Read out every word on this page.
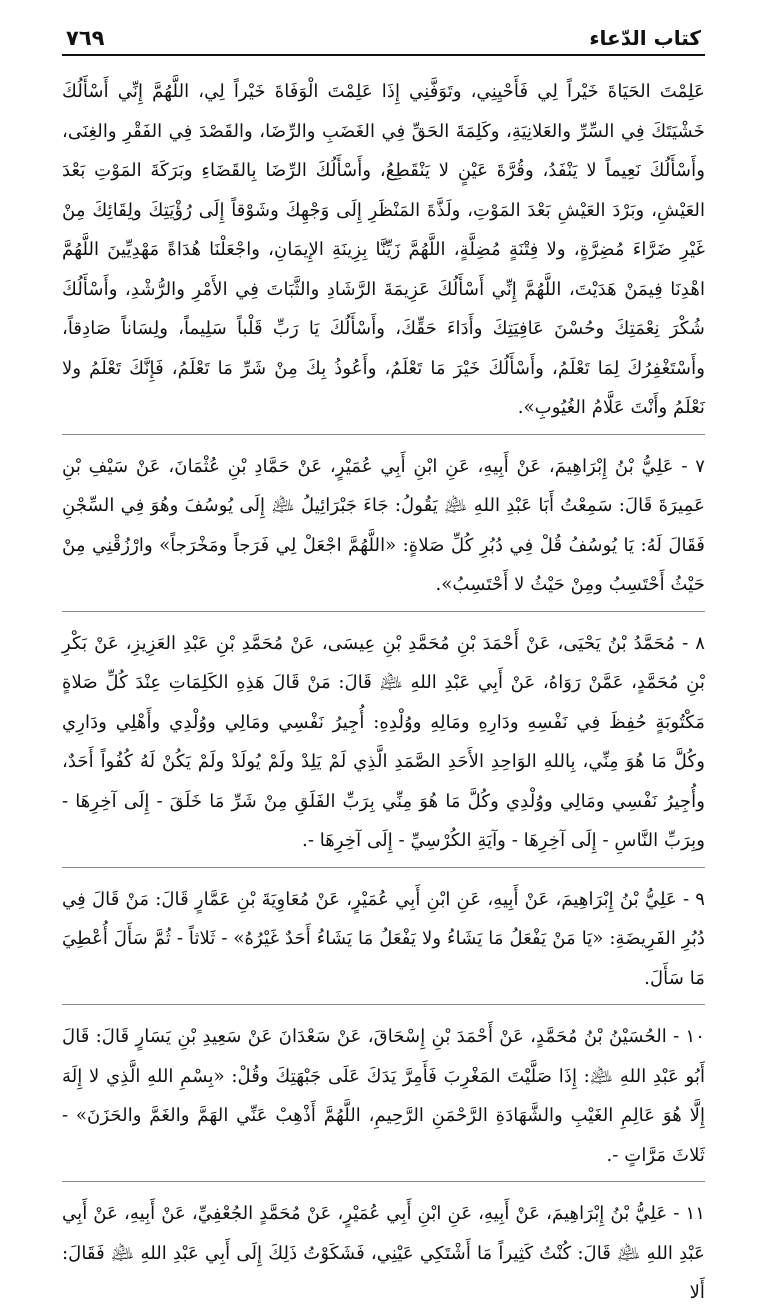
كتاب الدّعاء
٧٦٩

عَلِمْتَ الحَيَاةَ خَيْراً لِي فَأَحْيِنِي، وتَوَفَّنِي إِذَا عَلِمْتَ الْوَفَاةَ خَيْراً لِي، اللَّهُمَّ إِنِّي أَسْأَلُكَ خَشْيَتَكَ فِي السِّرِّ والعَلانِيَةِ، وكَلِمَةَ الحَقِّ فِي الغَضَبِ والرِّضَا، والقَصْدَ فِي الفَقْرِ والغِنَى، وأَسْأَلُكَ نَعِيماً لا يَنْفَدُ، وقُرَّةَ عَيْنٍ لا يَنْقَطِعُ، وأَسْأَلُكَ الرِّضَا بِالقَضَاءِ وبَرَكَةَ المَوْتِ بَعْدَ العَيْشِ، وبَرْدَ العَيْشِ بَعْدَ المَوْتِ، ولَذَّةَ المَنْظَرِ إِلَى وَجْهِكَ وشَوْقاً إِلَى رُؤْيَتِكَ ولِقَائِكَ مِنْ غَيْرِ ضَرَّاءَ مُضِرَّةٍ، ولا فِتْنَةٍ مُضِلَّةٍ، اللَّهُمَّ زَيِّنَّا بِزِينَةِ الإِيمَانِ، واجْعَلْنَا هُدَاةً مَهْدِيِّينَ اللَّهُمَّ اهْدِنَا فِيمَنْ هَدَيْتَ، اللَّهُمَّ إِنِّي أَسْأَلُكَ عَزِيمَةَ الرَّشَادِ والثَّبَاتَ فِي الأَمْرِ والرُّشْدِ، وأَسْأَلُكَ شُكْرَ نِعْمَتِكَ وحُسْنَ عَافِيَتِكَ وأَدَاءَ حَقِّكَ، وأَسْأَلُكَ يَا رَبِّ قَلْباً سَلِيماً، ولِسَاناً صَادِقاً، وأَسْتَغْفِرُكَ لِمَا تَعْلَمُ، وأَسْأَلُكَ خَيْرَ مَا تَعْلَمُ، وأَعُوذُ بِكَ مِنْ شَرِّ مَا تَعْلَمُ، فَإِنَّكَ تَعْلَمُ ولا نَعْلَمُ وأَنْتَ عَلَّامُ الغُيُوبِ».

٧ - عَلِيُّ بْنُ إِبْرَاهِيمَ، عَنْ أَبِيهِ، عَنِ ابْنِ أَبِي عُمَيْرٍ، عَنْ حَمَّادِ بْنِ عُثْمَانَ، عَنْ سَيْفِ بْنِ عَمِيرَةَ قَالَ: سَمِعْتُ أَبَا عَبْدِ اللهِ ﵇ يَقُولُ: جَاءَ جَبْرَائِيلُ ﵇ إِلَى يُوسُفَ وهُوَ فِي السِّجْنِ فَقَالَ لَهُ: يَا يُوسُفُ قُلْ فِي دُبُرِ كُلِّ صَلاةٍ: «اللَّهُمَّ اجْعَلْ لِي فَرَجاً ومَخْرَجاً» وارْزُقْنِي مِنْ حَيْثُ أَحْتَسِبُ ومِنْ حَيْثُ لا أَحْتَسِبُ».

٨ - مُحَمَّدُ بْنُ يَحْيَى، عَنْ أَحْمَدَ بْنِ مُحَمَّدِ بْنِ عِيسَى، عَنْ مُحَمَّدِ بْنِ عَبْدِ العَزِيزِ، عَنْ بَكْرِ بْنِ مُحَمَّدٍ، عَمَّنْ رَوَاهُ، عَنْ أَبِي عَبْدِ اللهِ ﵇ قَالَ: مَنْ قَالَ هَذِهِ الكَلِمَاتِ عِنْدَ كُلِّ صَلاةٍ مَكْتُوبَةٍ حُفِظَ فِي نَفْسِهِ ودَارِهِ ومَالِهِ ووُلْدِهِ: أُجِيرُ نَفْسِي ومَالِي ووُلْدِي وأَهْلِي ودَارِي وكُلَّ مَا هُوَ مِنِّي، بِاللهِ الوَاحِدِ الأَحَدِ الصَّمَدِ الَّذِي لَمْ يَلِدْ ولَمْ يُولَدْ ولَمْ يَكُنْ لَهُ كُفُواً أَحَدٌ، وأُجِيرُ نَفْسِي ومَالِي ووُلْدِي وكُلَّ مَا هُوَ مِنِّي بِرَبِّ الفَلَقِ مِنْ شَرِّ مَا خَلَقَ - إِلَى آخِرِهَا - وبِرَبِّ النَّاسِ - إِلَى آخِرِهَا - وآيَةِ الكُرْسِيِّ - إِلَى آخِرِهَا -.

٩ - عَلِيُّ بْنُ إِبْرَاهِيمَ، عَنْ أَبِيهِ، عَنِ ابْنِ أَبِي عُمَيْرٍ، عَنْ مُعَاوِيَةَ بْنِ عَمَّارٍ قَالَ: مَنْ قَالَ فِي دُبُرِ الفَرِيضَةِ: «يَا مَنْ يَفْعَلُ مَا يَشَاءُ ولا يَفْعَلُ مَا يَشَاءُ أَحَدٌ غَيْرُهُ» - ثَلاثاً - ثُمَّ سَأَلَ أُعْطِيَ مَا سَأَلَ.

١٠ - الحُسَيْنُ بْنُ مُحَمَّدٍ، عَنْ أَحْمَدَ بْنِ إِسْحَاقَ، عَنْ سَعْدَانَ عَنْ سَعِيدِ بْنِ يَسَارٍ قَالَ: قَالَ أَبُو عَبْدِ اللهِ ﵇: إِذَا صَلَّيْتَ المَغْرِبَ فَأَمِرَّ يَدَكَ عَلَى جَبْهَتِكَ وقُلْ: «بِسْمِ اللهِ الَّذِي لا إِلَهَ إِلَّا هُوَ عَالِمِ الغَيْبِ والشَّهَادَةِ الرَّحْمَنِ الرَّحِيمِ، اللَّهُمَّ أَذْهِبْ عَنِّي الهَمَّ والغَمَّ والحَزَنَ» - ثَلاثَ مَرَّاتٍ -.

١١ - عَلِيُّ بْنُ إِبْرَاهِيمَ، عَنْ أَبِيهِ، عَنِ ابْنِ أَبِي عُمَيْرٍ، عَنْ مُحَمَّدٍ الجُعْفِيِّ، عَنْ أَبِيهِ، عَنْ أَبِي عَبْدِ اللهِ ﵇ قَالَ: كُنْتُ كَثِيراً مَا أَشْتَكِي عَيْنِي، فَشَكَوْتُ ذَلِكَ إِلَى أَبِي عَبْدِ اللهِ ﵇ فَقَالَ: أَلا
